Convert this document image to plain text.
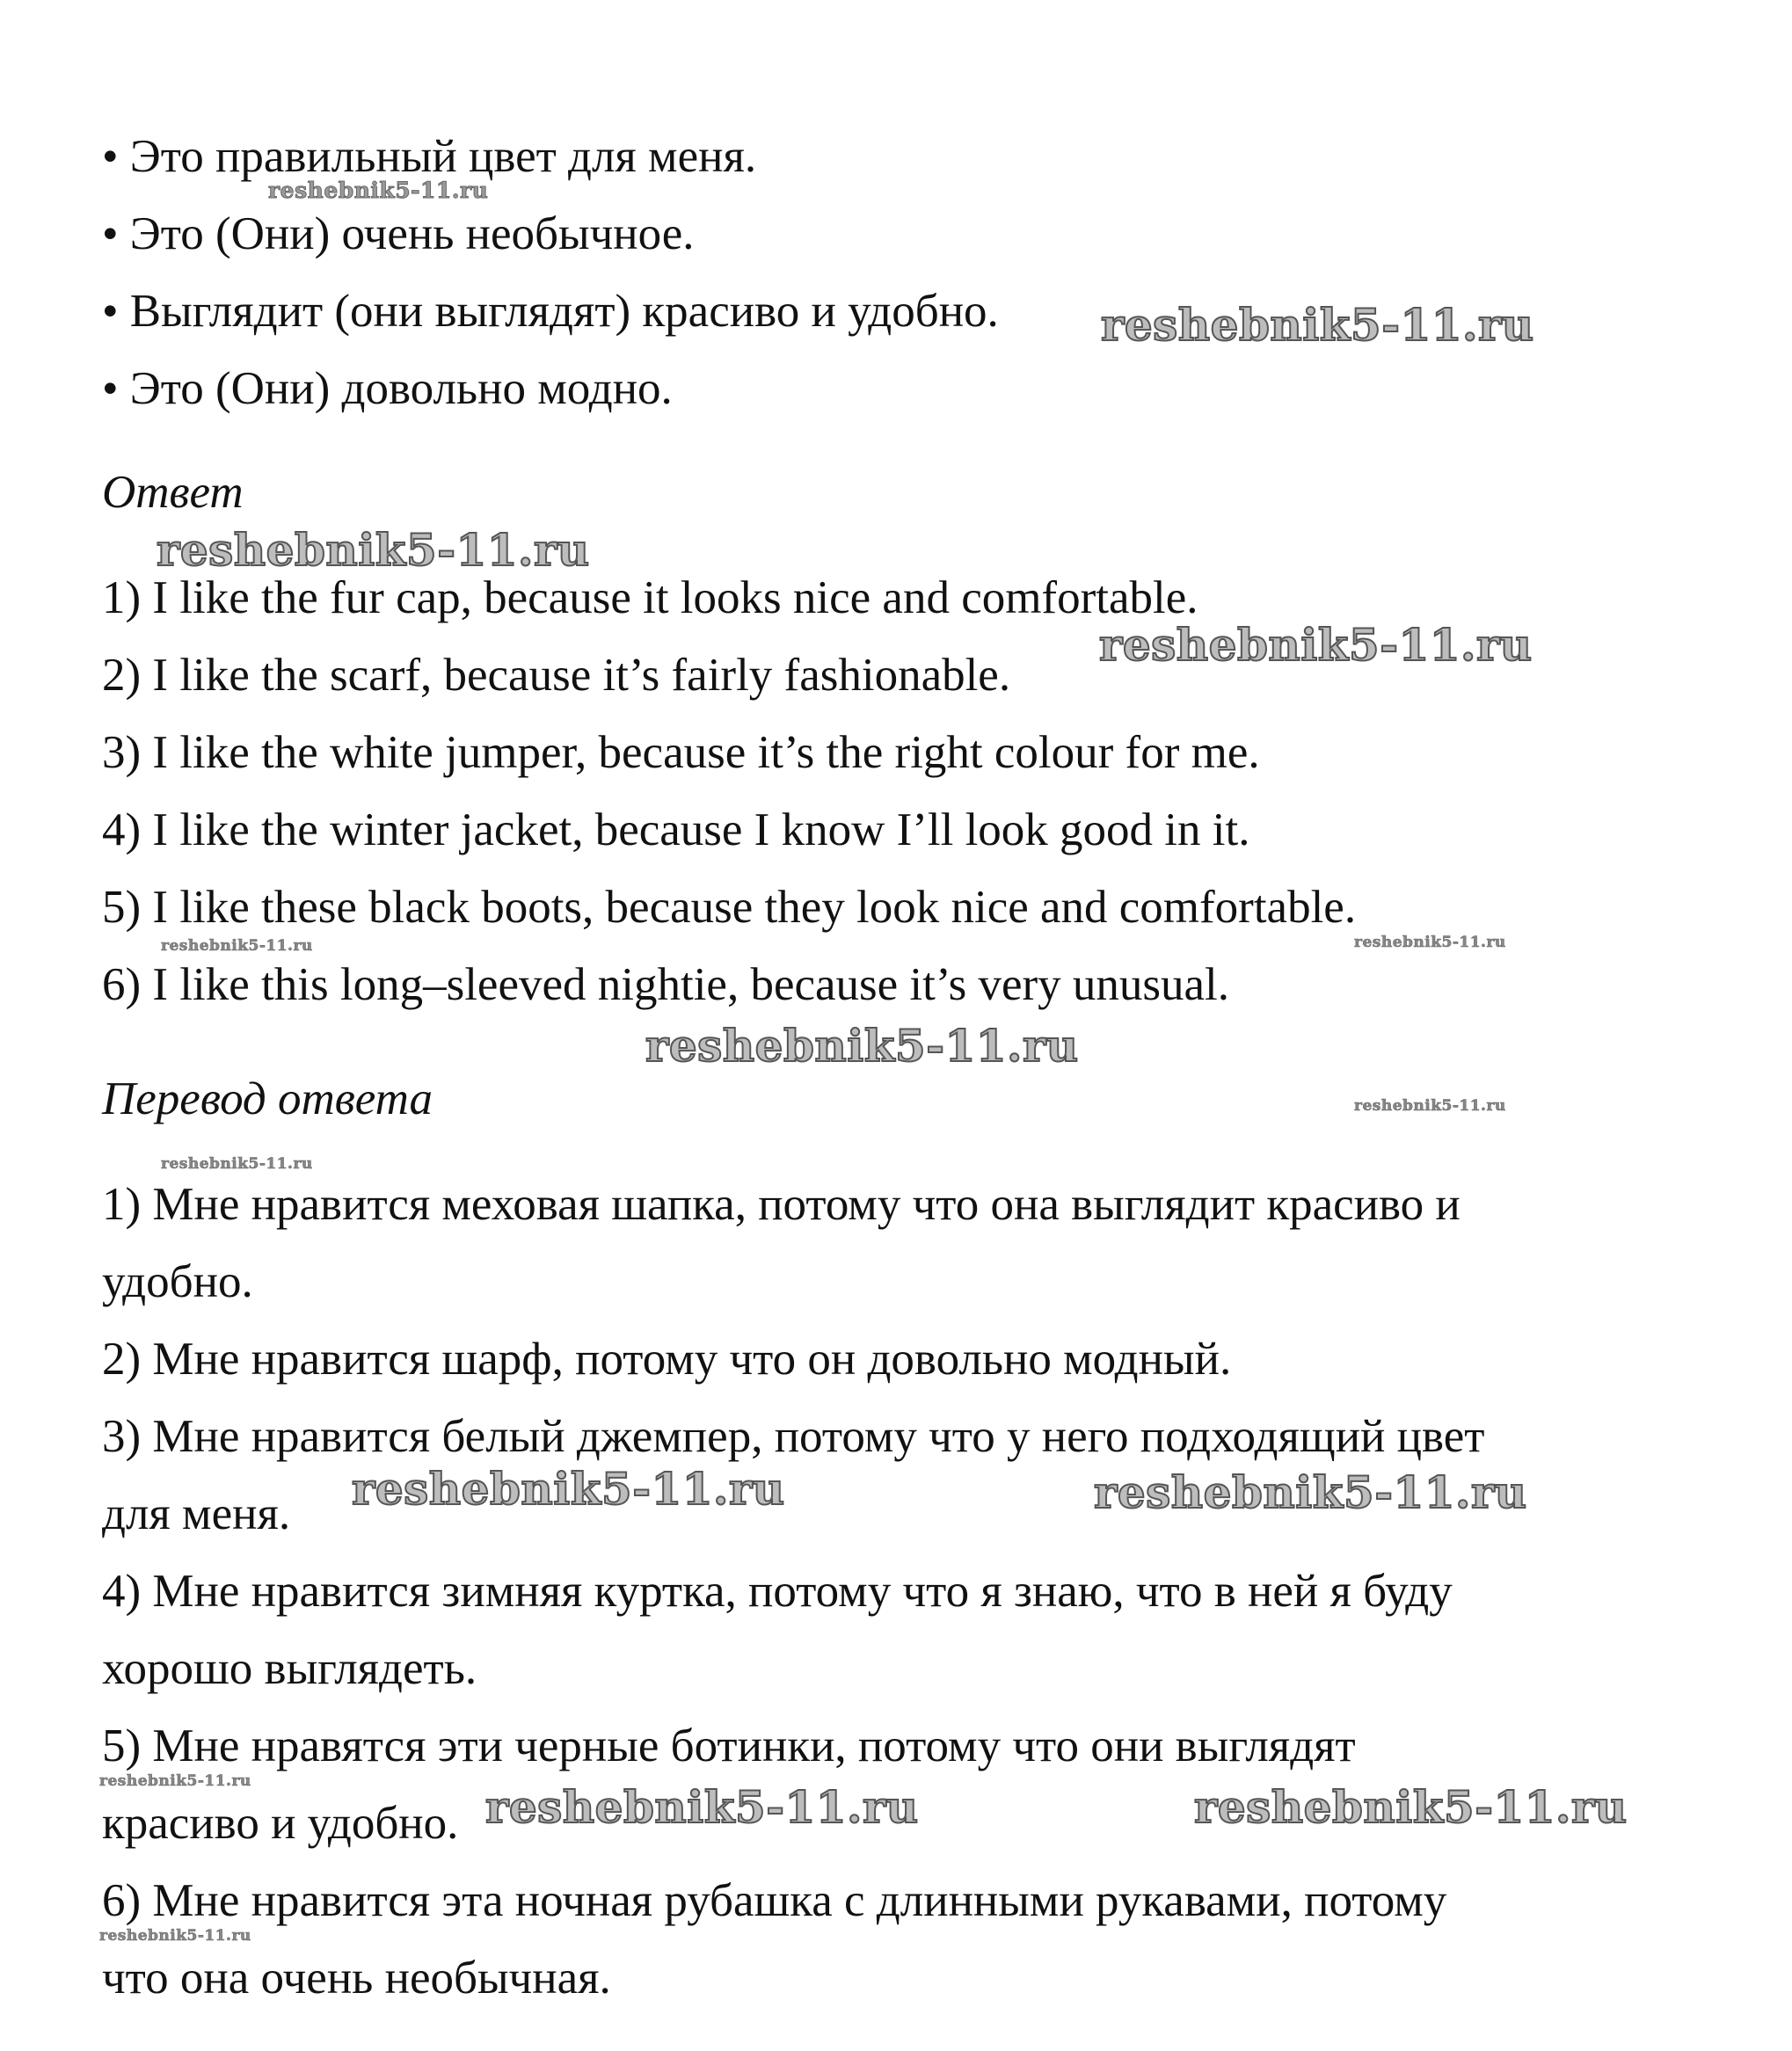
• Это правильный цвет для меня.

• Это (Они) очень необычное.

• Выглядит (они выглядят) красиво и удобно.

• Это (Они) довольно модно.

Ответ

1) I like the fur cap, because it looks nice and comfortable.

2) I like the scarf, because it’s fairly fashionable.

3) I like the white jumper, because it’s the right colour for me.

4) I like the winter jacket, because I know I’ll look good in it.

5) I like these black boots, because they look nice and comfortable.

6) I like this long–sleeved nightie, because it’s very unusual.

Перевод ответа

1) Мне нравится меховая шапка, потому что она выглядит красиво и

удобно.

2) Мне нравится шарф, потому что он довольно модный.

3) Мне нравится белый джемпер, потому что у него подходящий цвет

для меня.

4) Мне нравится зимняя куртка, потому что я знаю, что в ней я буду

хорошо выглядеть.

5) Мне нравятся эти черные ботинки, потому что они выглядят

красиво и удобно.

6) Мне нравится эта ночная рубашка с длинными рукавами, потому

что она очень необычная.

reshebnik5-11.ru
reshebnik5-11.ru
reshebnik5-11.ru
reshebnik5-11.ru
reshebnik5-11.ru	reshebnik5-11.ru
reshebnik5-11.ru
reshebnik5-11.ru
reshebnik5-11.ru
reshebnik5-11.ru	reshebnik5-11.ru
reshebnik5-11.ru	reshebnik5-11.ru	reshebnik5-11.ru
reshebnik5-11.ru
